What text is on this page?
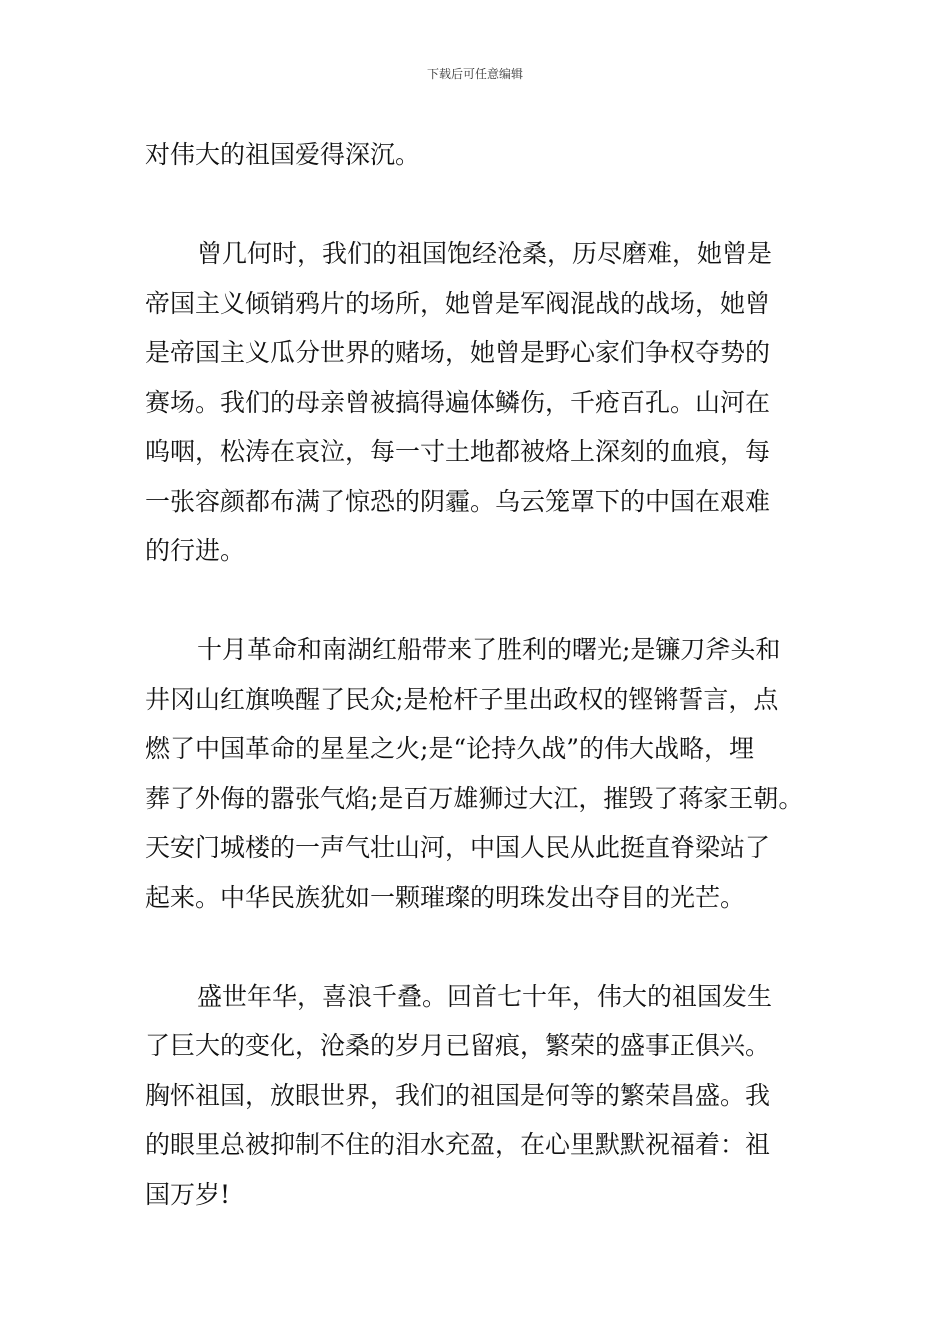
下载后可任意编辑
对伟大的祖国爱得深沉。
曾几何时，我们的祖国饱经沧桑，历尽磨难，她曾是
帝国主义倾销鸦片的场所，她曾是军阀混战的战场，她曾
是帝国主义瓜分世界的赌场，她曾是野心家们争权夺势的
赛场。我们的母亲曾被搞得遍体鳞伤，千疮百孔。山河在
呜咽，松涛在哀泣，每一寸土地都被烙上深刻的血痕，每
一张容颜都布满了惊恐的阴霾。乌云笼罩下的中国在艰难
的行进。
十月革命和南湖红船带来了胜利的曙光;是镰刀斧头和
井冈山红旗唤醒了民众;是枪杆子里出政权的铿锵誓言，点
燃了中国革命的星星之火;是“论持久战”的伟大战略，埋
葬了外侮的嚣张气焰;是百万雄狮过大江，摧毁了蒋家王朝。
天安门城楼的一声气壮山河，中国人民从此挺直脊梁站了
起来。中华民族犹如一颗璀璨的明珠发出夺目的光芒。
盛世年华，喜浪千叠。回首七十年，伟大的祖国发生
了巨大的变化，沧桑的岁月已留痕，繁荣的盛事正俱兴。
胸怀祖国，放眼世界，我们的祖国是何等的繁荣昌盛。我
的眼里总被抑制不住的泪水充盈，在心里默默祝福着：祖
国万岁!
